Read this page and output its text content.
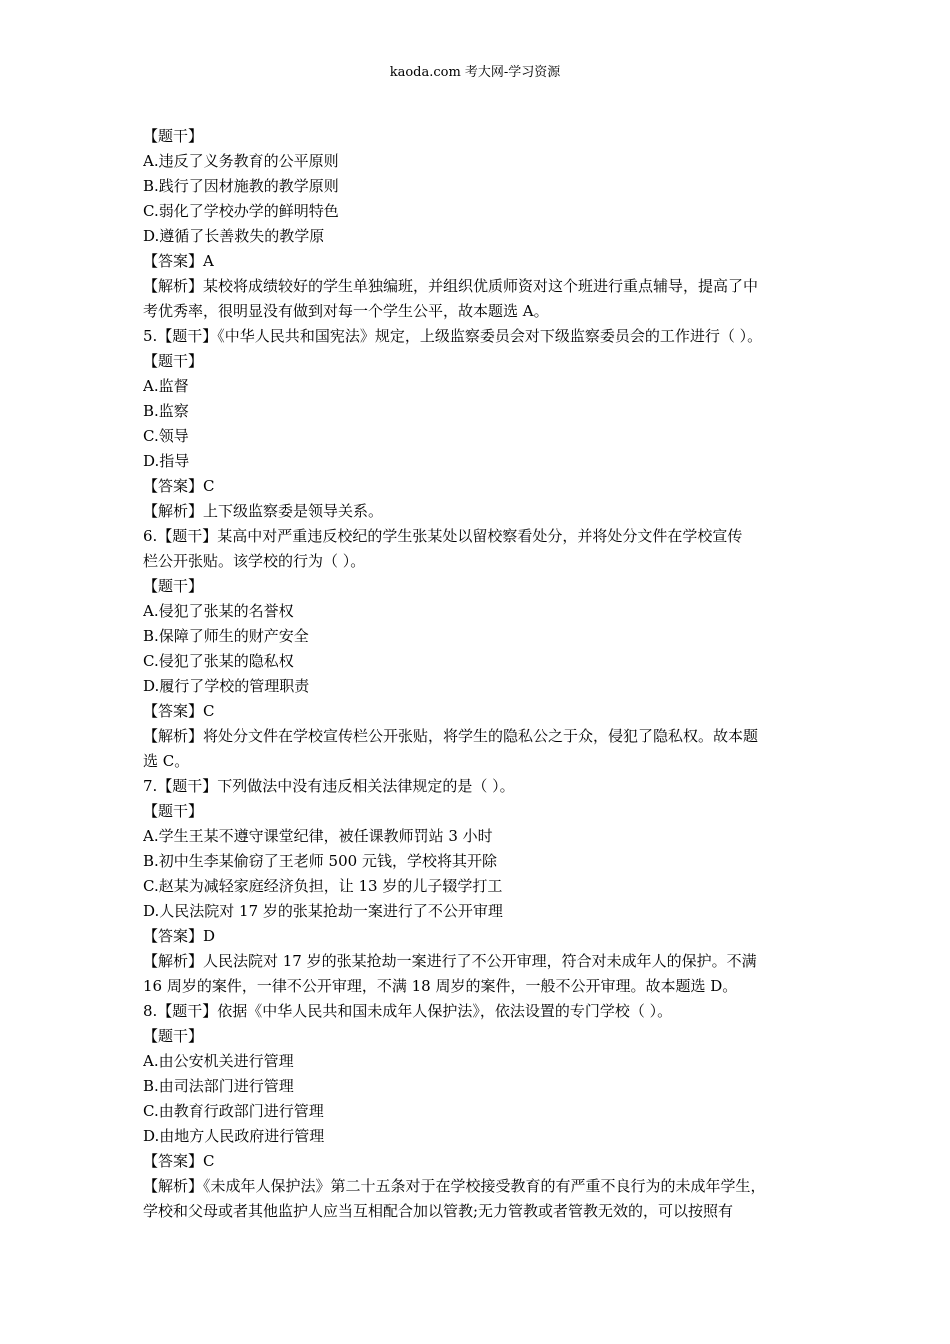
kaoda.com 考大网-学习资源
【题干】
A.违反了义务教育的公平原则
B.践行了因材施教的教学原则
C.弱化了学校办学的鲜明特色
D.遵循了长善救失的教学原
【答案】A
【解析】某校将成绩较好的学生单独编班，并组织优质师资对这个班进行重点辅导，提高了中
考优秀率，很明显没有做到对每一个学生公平，故本题选 A。
5.【题干】《中华人民共和国宪法》规定，上级监察委员会对下级监察委员会的工作进行（ ）。
【题干】
A.监督
B.监察
C.领导
D.指导
【答案】C
【解析】上下级监察委是领导关系。
6.【题干】某高中对严重违反校纪的学生张某处以留校察看处分，并将处分文件在学校宣传
栏公开张贴。该学校的行为（ ）。
【题干】
A.侵犯了张某的名誉权
B.保障了师生的财产安全
C.侵犯了张某的隐私权
D.履行了学校的管理职责
【答案】C
【解析】将处分文件在学校宣传栏公开张贴，将学生的隐私公之于众，侵犯了隐私权。故本题
选 C。
7.【题干】下列做法中没有违反相关法律规定的是（ ）。
【题干】
A.学生王某不遵守课堂纪律，被任课教师罚站 3 小时
B.初中生李某偷窃了王老师 500 元钱，学校将其开除
C.赵某为减轻家庭经济负担，让 13 岁的儿子辍学打工
D.人民法院对 17 岁的张某抢劫一案进行了不公开审理
【答案】D
【解析】人民法院对 17 岁的张某抢劫一案进行了不公开审理，符合对未成年人的保护。不满
16 周岁的案件，一律不公开审理，不满 18 周岁的案件，一般不公开审理。故本题选 D。
8.【题干】依据《中华人民共和国未成年人保护法》，依法设置的专门学校（ ）。
【题干】
A.由公安机关进行管理
B.由司法部门进行管理
C.由教育行政部门进行管理
D.由地方人民政府进行管理
【答案】C
【解析】《未成年人保护法》第二十五条对于在学校接受教育的有严重不良行为的未成年学生，
学校和父母或者其他监护人应当互相配合加以管教;无力管教或者管教无效的，可以按照有
